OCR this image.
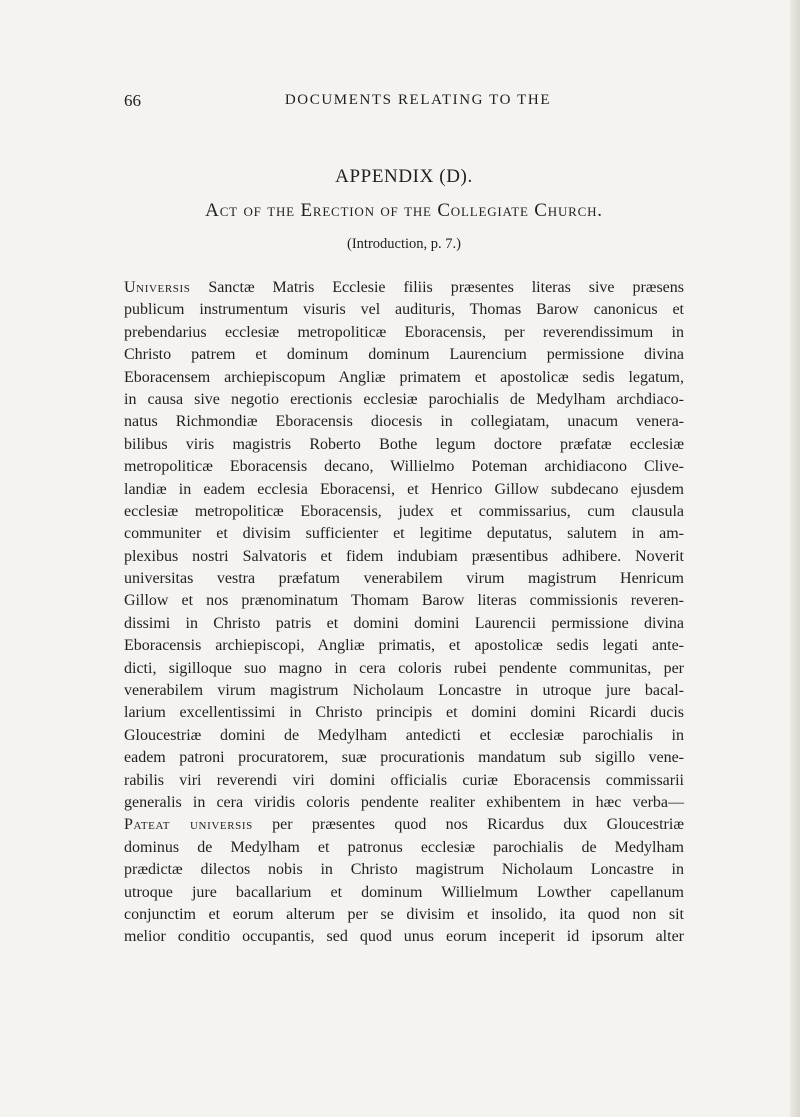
66	DOCUMENTS RELATING TO THE
APPENDIX (D).
Act of the Erection of the Collegiate Church.
(Introduction, p. 7.)
Universis Sanctæ Matris Ecclesie filiis præsentes literas sive præsens
publicum instrumentum visuris vel audituris, Thomas Barow canonicus et
prebendarius ecclesiæ metropoliticæ Eboracensis, per reverendissimum in
Christo patrem et dominum dominum Laurencium permissione divina
Eboracensem archiepiscopum Angliæ primatem et apostolicæ sedis legatum,
in causa sive negotio erectionis ecclesiæ parochialis de Medylham archdiaco-
natus Richmondiæ Eboracensis diocesis in collegiatam, unacum venera-
bilibus viris magistris Roberto Bothe legum doctore præfatæ ecclesiæ
metropoliticæ Eboracensis decano, Willielmo Poteman archidiacono Clive-
landiæ in eadem ecclesia Eboracensi, et Henrico Gillow subdecano ejusdem
ecclesiæ metropoliticæ Eboracensis, judex et commissarius, cum clausula
communiter et divisim sufficienter et legitime deputatus, salutem in am-
plexibus nostri Salvatoris et fidem indubiam præsentibus adhibere. Noverit
universitas vestra præfatum venerabilem virum magistrum Henricum
Gillow et nos prænominatum Thomam Barow literas commissionis reveren-
dissimi in Christo patris et domini domini Laurencii permissione divina
Eboracensis archiepiscopi, Angliæ primatis, et apostolicæ sedis legati ante-
dicti, sigilloque suo magno in cera coloris rubei pendente communitas, per
venerabilem virum magistrum Nicholaum Loncastre in utroque jure bacal-
larium excellentissimi in Christo principis et domini domini Ricardi ducis
Gloucestriæ domini de Medylham antedicti et ecclesiæ parochialis in
eadem patroni procuratorem, suæ procurationis mandatum sub sigillo vene-
rabilis viri reverendi viri domini officialis curiæ Eboracensis commissarii
generalis in cera viridis coloris pendente realiter exhibentem in hæc verba—
Pateat universis per præsentes quod nos Ricardus dux Gloucestriæ
dominus de Medylham et patronus ecclesiæ parochialis de Medylham
prædictæ dilectos nobis in Christo magistrum Nicholaum Loncastre in
utroque jure bacallarium et dominum Willielmum Lowther capellanum
conjunctim et eorum alterum per se divisim et insolido, ita quod non sit
melior conditio occupantis, sed quod unus eorum inceperit id ipsorum alter
